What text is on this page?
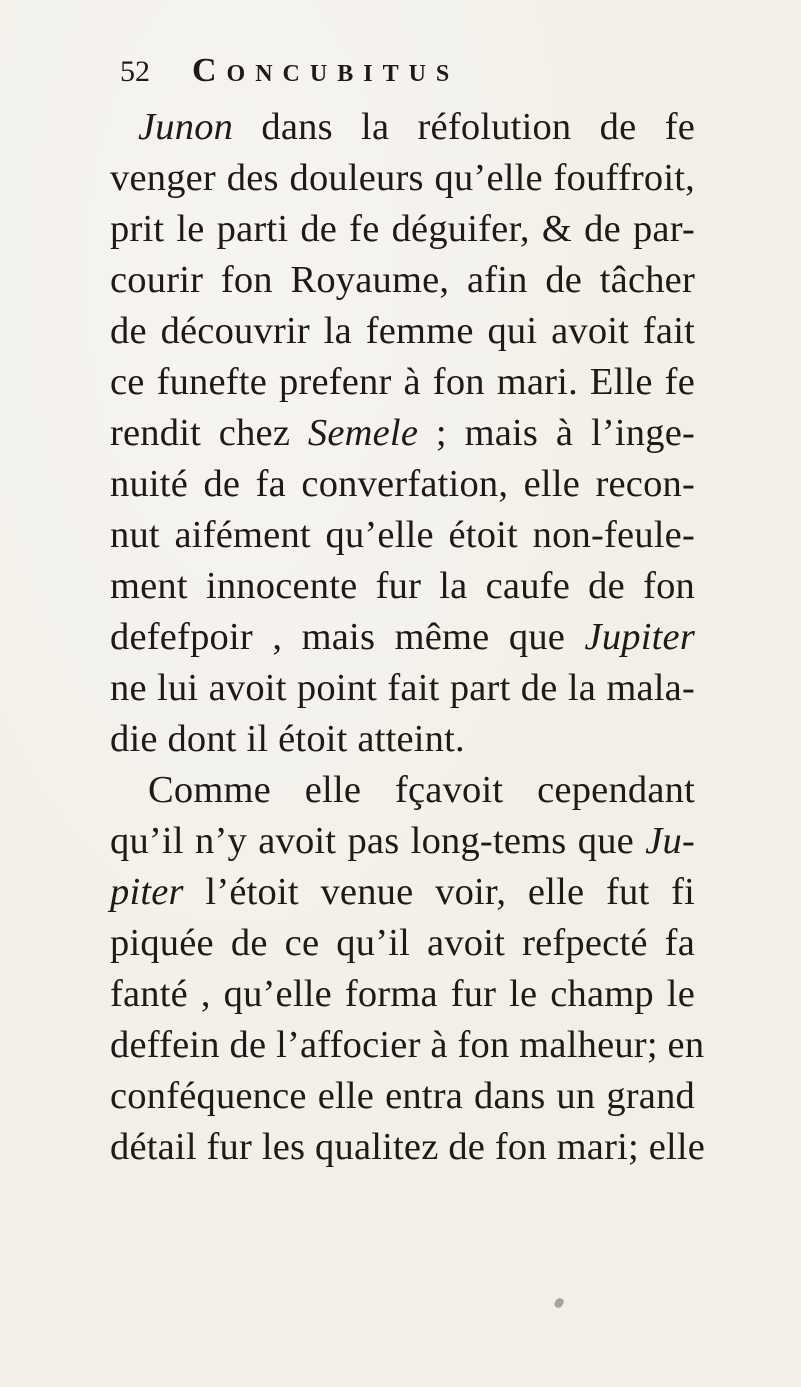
52	Concubitus
Junon dans la réfolution de fe
venger des douleurs qu’elle fouffroit,
prit le parti de fe déguifer, & de par-
courir fon Royaume, afin de tâcher
de découvrir la femme qui avoit fait
ce funefte prefenr à fon mari. Elle fe
rendit chez Semele ; mais à l’inge-
nuité de fa converfation, elle recon-
nut aifément qu’elle étoit non-feule-
ment innocente fur la caufe de fon
defefpoir , mais même que Jupiter
ne lui avoit point fait part de la mala-
die dont il étoit atteint.
Comme elle fçavoit cependant
qu’il n’y avoit pas long-tems que Ju-
piter l’étoit venue voir, elle fut fi
piquée de ce qu’il avoit refpecté fa
fanté , qu’elle forma fur le champ le
deffein de l’affocier à fon malheur; en
conféquence elle entra dans un grand
détail fur les qualitez de fon mari; elle
